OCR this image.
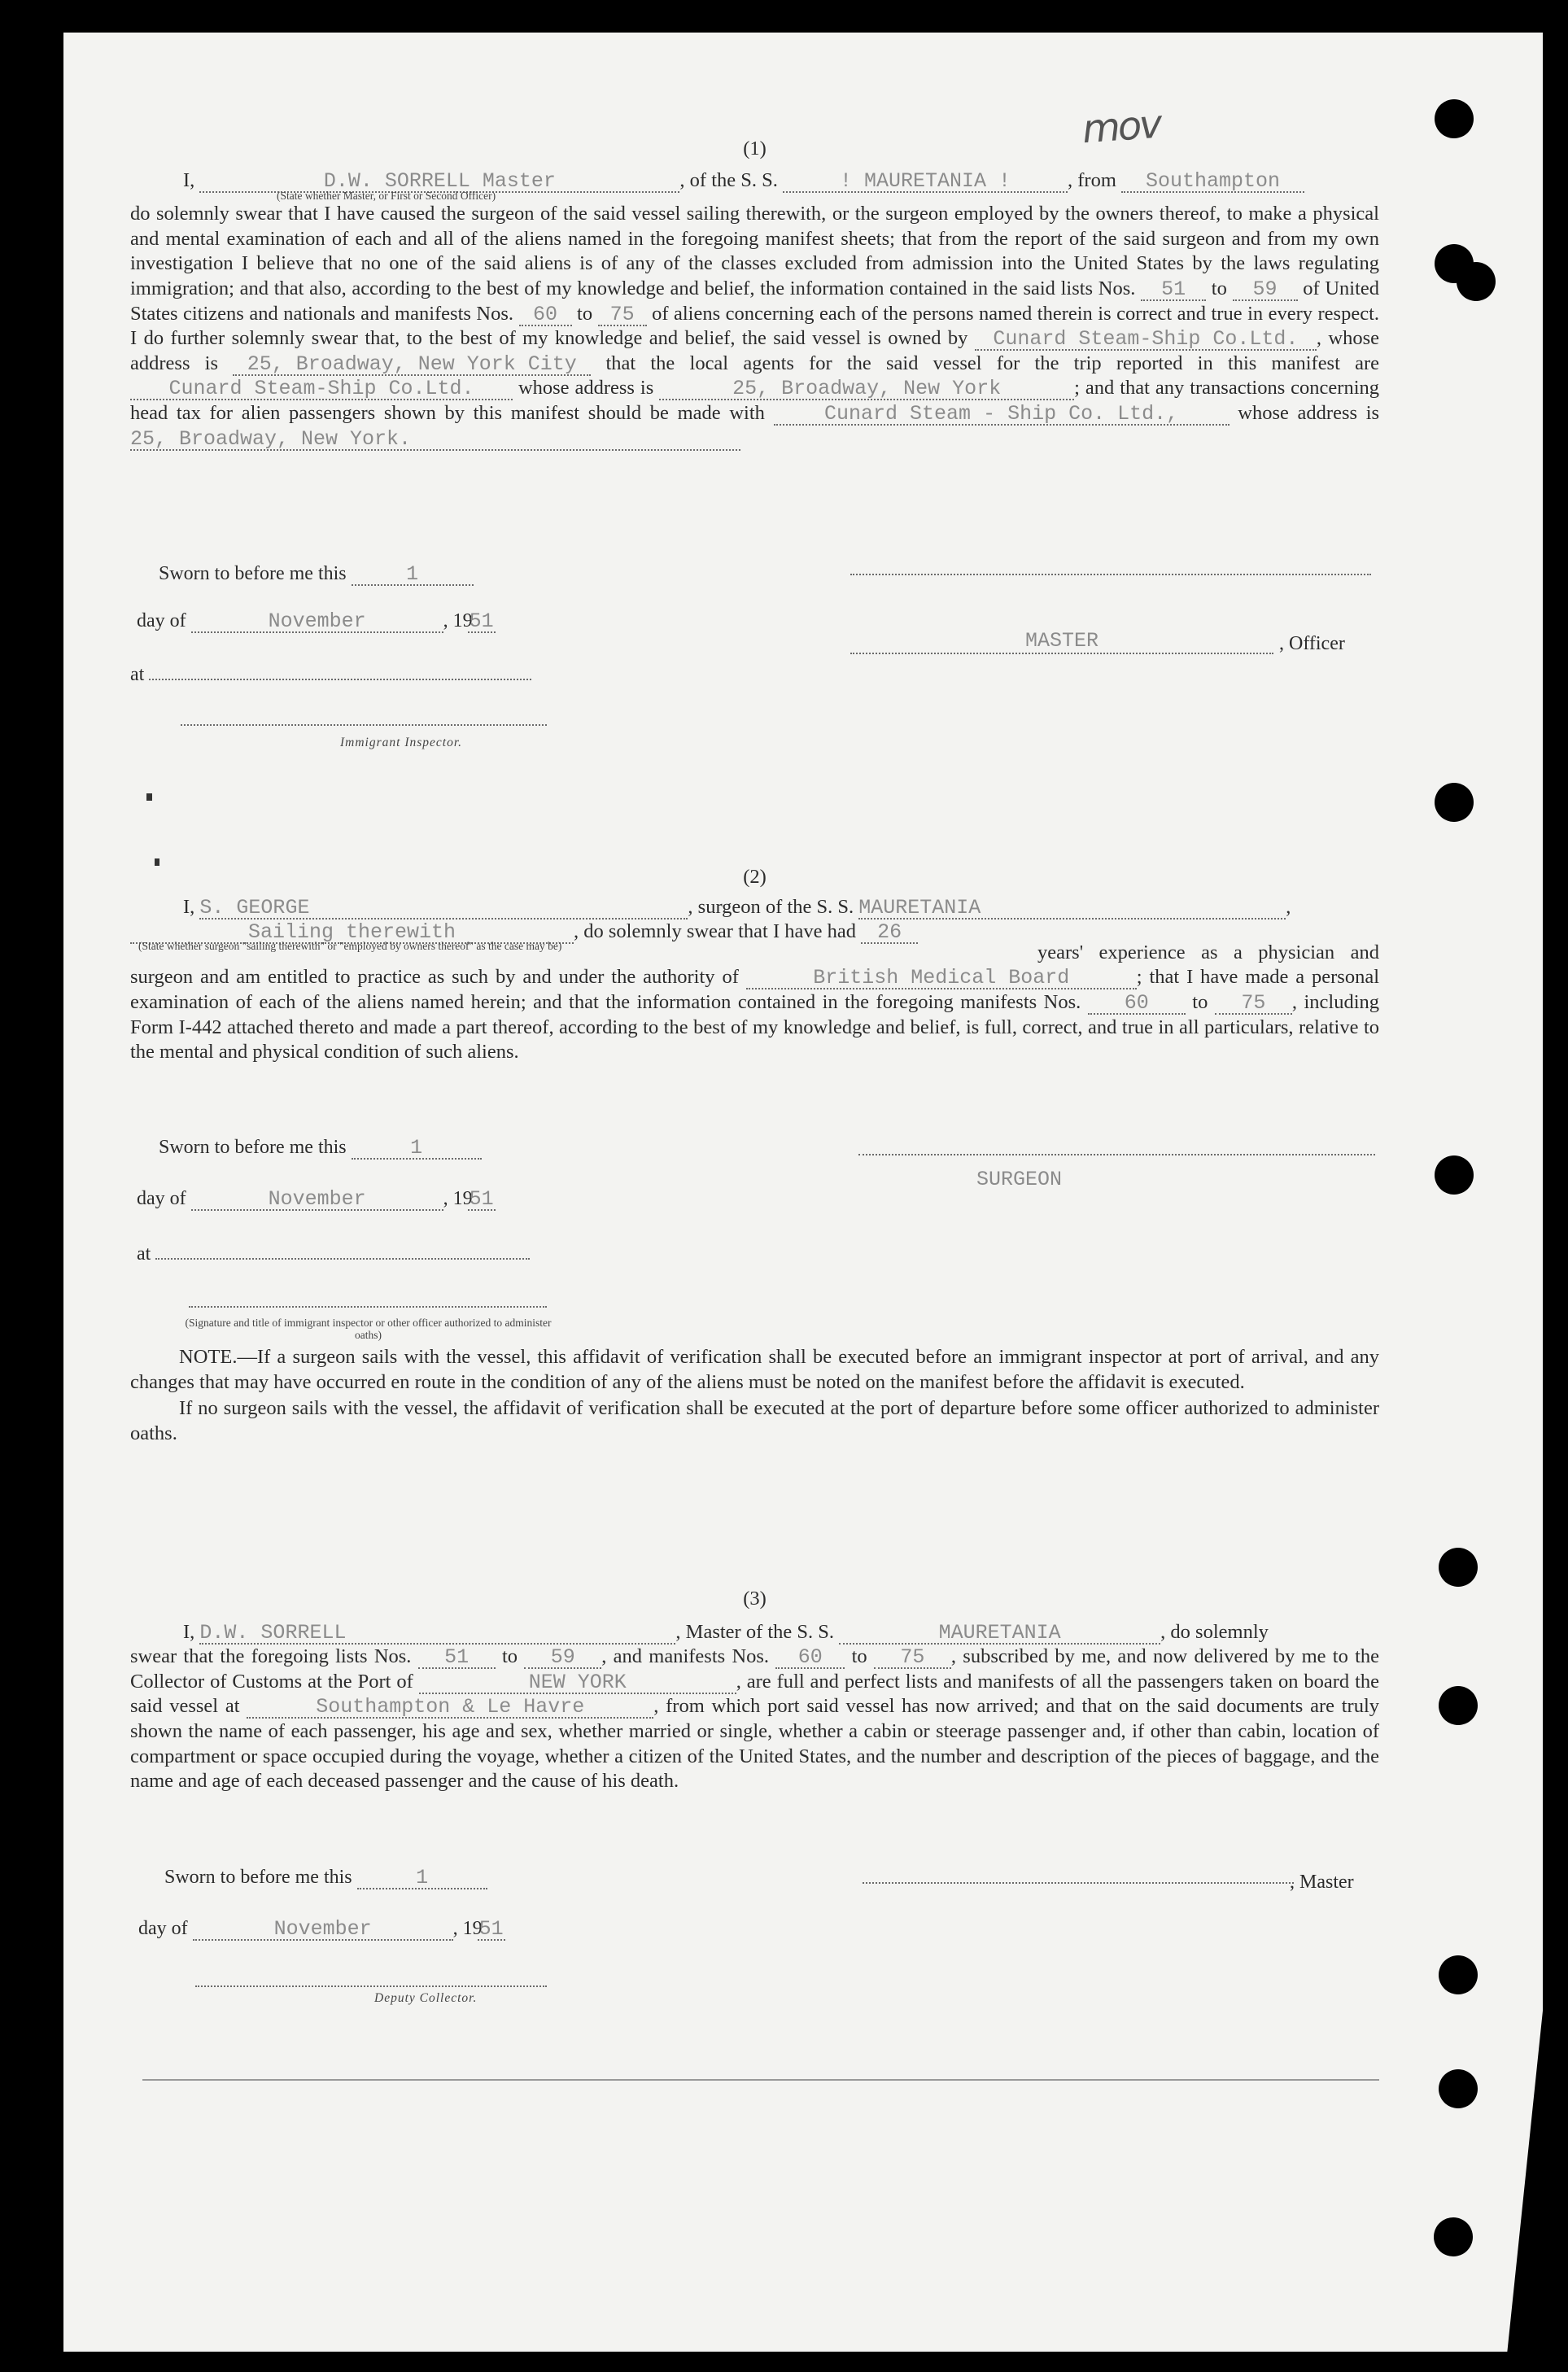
mov
(1)
I,	D.W. SORRELL Master	, of the S. S.	! MAURETANIA !	, from Southampton
(State whether Master, or First or Second Officer)
do solemnly swear that I have caused the surgeon of the said vessel sailing therewith, or the surgeon employed by the owners thereof, to make a physical and mental examination of each and all of the aliens named in the foregoing manifest sheets; that from the report of the said surgeon and from my own investigation I believe that no one of the said aliens is of any of the classes excluded from admission into the United States by the laws regulating immigration; and that also, according to the best of my knowledge and belief, the information contained in the said lists Nos. 51 to 59 of United States citizens and nationals and manifests Nos. 60 to 75 of aliens concerning each of the persons named therein is correct and true in every respect. I do further solemnly swear that, to the best of my knowledge and belief, the said vessel is owned by Cunard Steam-Ship Co.Ltd. , whose address is 25, Broadway, New York City that the local agents for the said vessel for the trip reported in this manifest are Cunard Steam-Ship Co.Ltd. whose address is	25, Broadway, New York	; and that any transactions concerning head tax for alien passengers shown by this manifest should be made with	Cunard Steam - Ship Co. Ltd.,	whose address is 25, Broadway, New York.
Sworn to before me this	1
day of	November	, 1951
at
Immigrant Inspector.
MASTER	, Officer
(2)
I, S. GEORGE	, surgeon of the S. S. MAURETANIA	,
Sailing therewith	, do solemnly swear that I have had 26
(State whether surgeon "sailing therewith" or "employed by owners thereof" as the case may be)	years' experience as a physician and surgeon and am entitled to practice as such by and under the authority of	British Medical Board	; that I have made a personal examination of each of the aliens named herein; and that the information contained in the foregoing manifests Nos. 60 to 75 , including Form I-442 attached thereto and made a part thereof, according to the best of my knowledge and belief, is full, correct, and true in all particulars, relative to the mental and physical condition of such aliens.
Sworn to before me this	1
day of	November	, 1951
at
(Signature and title of immigrant inspector or other officer authorized to administer oaths)
SURGEON
NOTE.—If a surgeon sails with the vessel, this affidavit of verification shall be executed before an immigrant inspector at port of arrival, and any changes that may have occurred en route in the condition of any of the aliens must be noted on the manifest before the affidavit is executed.
If no surgeon sails with the vessel, the affidavit of verification shall be executed at the port of departure before some officer authorized to administer oaths.
(3)
I, D.W. SORRELL	, Master of the S. S.	MAURETANIA	, do solemnly
swear that the foregoing lists Nos. 51 to 59 , and manifests Nos. 60 to 75 , subscribed by me, and now delivered by me to the Collector of Customs at the Port of	NEW YORK	, are full and perfect lists and manifests of all the passengers taken on board the said vessel at	Southampton & Le Havre	, from which port said vessel has now arrived; and that on the said documents are truly shown the name of each passenger, his age and sex, whether married or single, whether a cabin or steerage passenger and, if other than cabin, location of compartment or space occupied during the voyage, whether a citizen of the United States, and the number and description of the pieces of baggage, and the name and age of each deceased passenger and the cause of his death.
Sworn to before me this	1
day of	November	, 1951
Deputy Collector.
, Master
